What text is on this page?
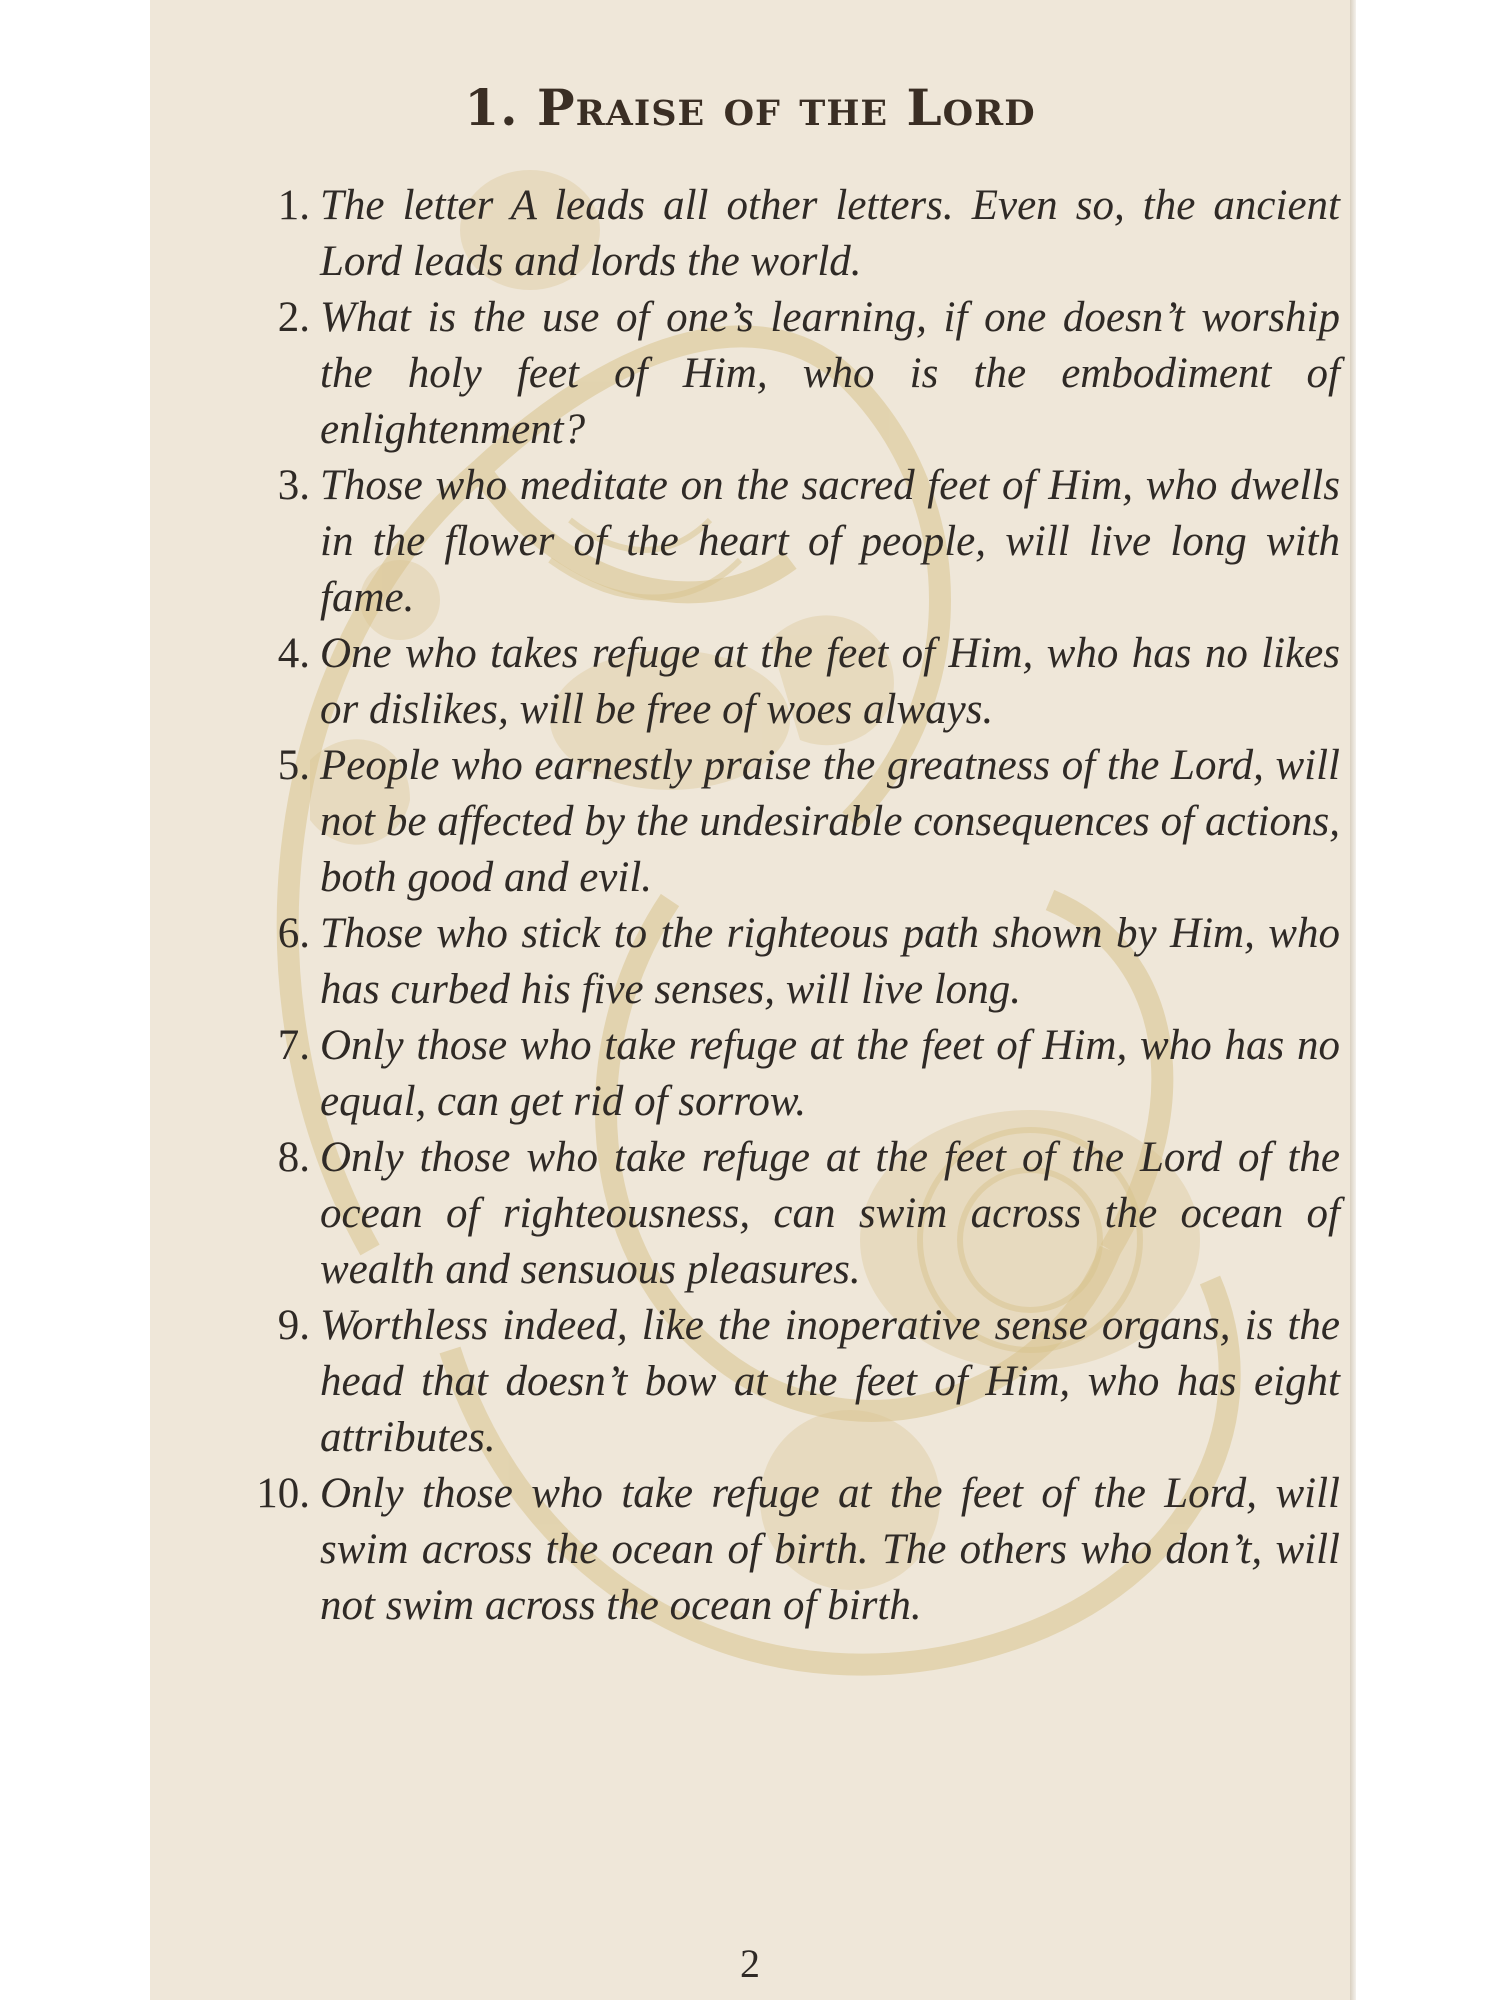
1. Praise of the Lord
1. The letter A leads all other letters. Even so, the ancient Lord leads and lords the world.
2. What is the use of one’s learning, if one doesn’t worship the holy feet of Him, who is the embodiment of enlightenment?
3. Those who meditate on the sacred feet of Him, who dwells in the flower of the heart of people, will live long with fame.
4. One who takes refuge at the feet of Him, who has no likes or dislikes, will be free of woes always.
5. People who earnestly praise the greatness of the Lord, will not be affected by the undesirable consequences of actions, both good and evil.
6. Those who stick to the righteous path shown by Him, who has curbed his five senses, will live long.
7. Only those who take refuge at the feet of Him, who has no equal, can get rid of sorrow.
8. Only those who take refuge at the feet of the Lord of the ocean of righteousness, can swim across the ocean of wealth and sensuous pleasures.
9. Worthless indeed, like the inoperative sense organs, is the head that doesn’t bow at the feet of Him, who has eight attributes.
10. Only those who take refuge at the feet of the Lord, will swim across the ocean of birth. The others who don’t, will not swim across the ocean of birth.
2
